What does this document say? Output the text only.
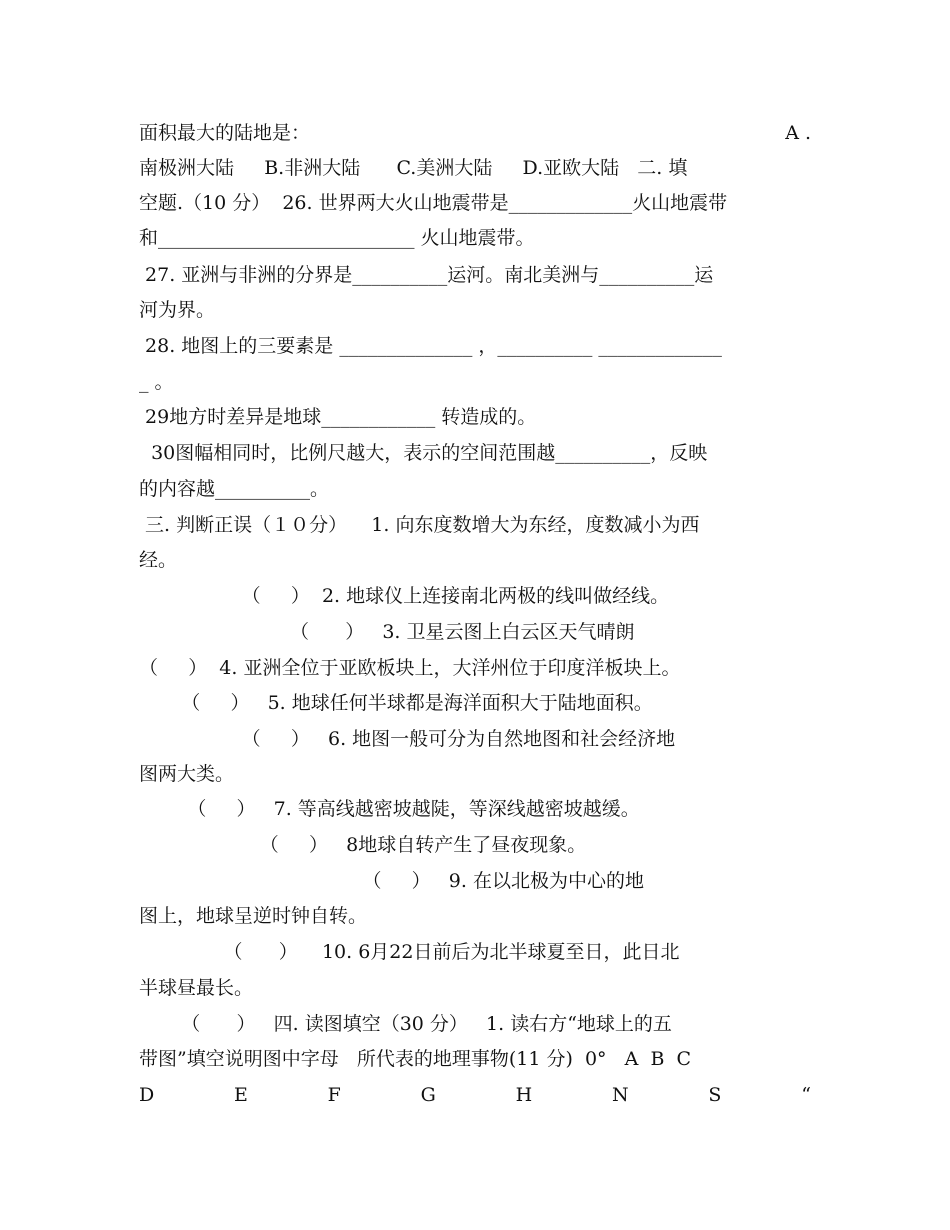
面积最大的陆地是：	A .
南极洲大陆     B.非洲大陆      C.美洲大陆     D.亚欧大陆   二. 填
空题.（10 分）  26. 世界两大火山地震带是_____________火山地震带
和___________________________ 火山地震带。
27. 亚洲与非洲的分界是__________运河。南北美洲与__________运
河为界。
28. 地图上的三要素是 ______________ ，__________ _____________
_ 。
29地方时差异是地球____________ 转造成的。
30图幅相同时，比例尺越大，表示的空间范围越__________，反映
的内容越__________。
三. 判断正误（１０分）    1. 向东度数增大为东经，度数减小为西
经。
（     ）  2. 地球仪上连接南北两极的线叫做经线。
（      ）   3. 卫星云图上白云区天气晴朗
（     ）  4. 亚洲全位于亚欧板块上，大洋州位于印度洋板块上。
（     ）   5. 地球任何半球都是海洋面积大于陆地面积。
（     ）   6. 地图一般可分为自然地图和社会经济地
图两大类。
（     ）   7. 等高线越密坡越陡，等深线越密坡越缓。
（     ）   8地球自转产生了昼夜现象。
（     ）   9. 在以北极为中心的地
图上，地球呈逆时钟自转。
（      ）    10. 6月22日前后为北半球夏至日，此日北
半球昼最长。
（      ）   四. 读图填空（30 分）   1. 读右方“地球上的五
带图”填空说明图中字母   所代表的地理事物(11 分)  0°   A  B  C
D	E	F	G	H	N	S	“
